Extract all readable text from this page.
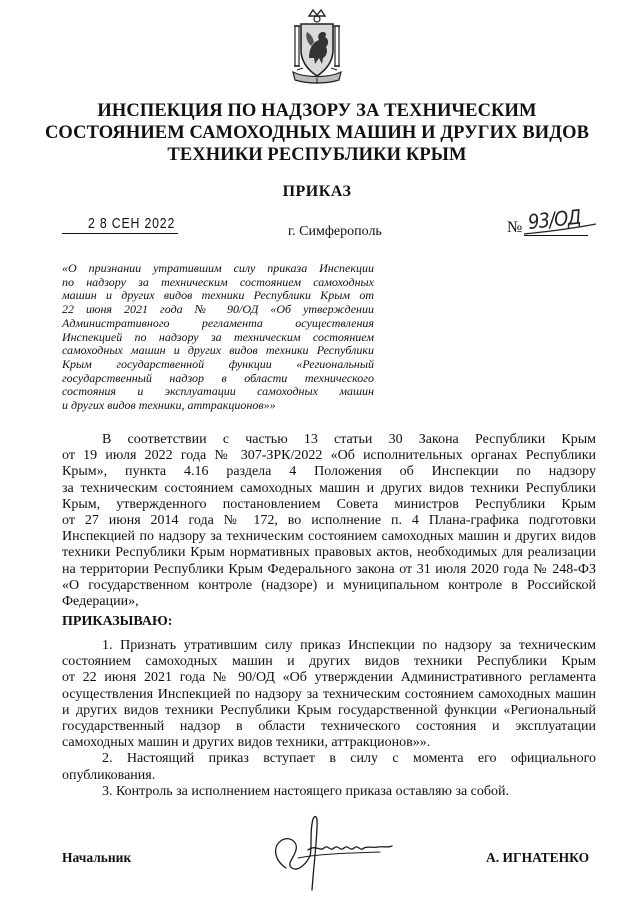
ИНСПЕКЦИЯ ПО НАДЗОРУ ЗА ТЕХНИЧЕСКИМ
СОСТОЯНИЕМ САМОХОДНЫХ МАШИН И ДРУГИХ ВИДОВ
ТЕХНИКИ РЕСПУБЛИКИ КРЫМ
ПРИКАЗ
2 8 СЕН 2022	г. Симферополь	№ 93/ОД
«О признании утратившим силу приказа Инспекции
по надзору за техническим состоянием самоходных
машин и других видов техники Республики Крым от
22 июня 2021 года № 90/ОД «Об утверждении
Административного регламента осуществления
Инспекцией по надзору за техническим состоянием
самоходных машин и других видов техники Республики
Крым государственной функции «Региональный
государственный надзор в области технического
состояния и эксплуатации самоходных машин
и других видов техники, аттракционов»»
В соответствии с частью 13 статьи 30 Закона Республики Крым
от 19 июля 2022 года № 307-ЗРК/2022 «Об исполнительных органах Республики
Крым», пункта 4.16 раздела 4 Положения об Инспекции по надзору
за техническим состоянием самоходных машин и других видов техники Республики
Крым, утвержденного постановлением Совета министров Республики Крым
от 27 июня 2014 года № 172, во исполнение п. 4 Плана-графика подготовки
Инспекцией по надзору за техническим состоянием самоходных машин и других видов
техники Республики Крым нормативных правовых актов, необходимых для реализации
на территории Республики Крым Федерального закона от 31 июля 2020 года № 248-ФЗ
«О государственном контроле (надзоре) и муниципальном контроле в Российской
Федерации»,
ПРИКАЗЫВАЮ:
1. Признать утратившим силу приказ Инспекции по надзору за техническим
состоянием самоходных машин и других видов техники Республики Крым
от 22 июня 2021 года № 90/ОД «Об утверждении Административного регламента
осуществления Инспекцией по надзору за техническим состоянием самоходных машин
и других видов техники Республики Крым государственной функции «Региональный
государственный надзор в области технического состояния и эксплуатации
самоходных машин и других видов техники, аттракционов»».
2. Настоящий приказ вступает в силу с момента его официального
опубликования.
3. Контроль за исполнением настоящего приказа оставляю за собой.
Начальник	А. ИГНАТЕНКО
